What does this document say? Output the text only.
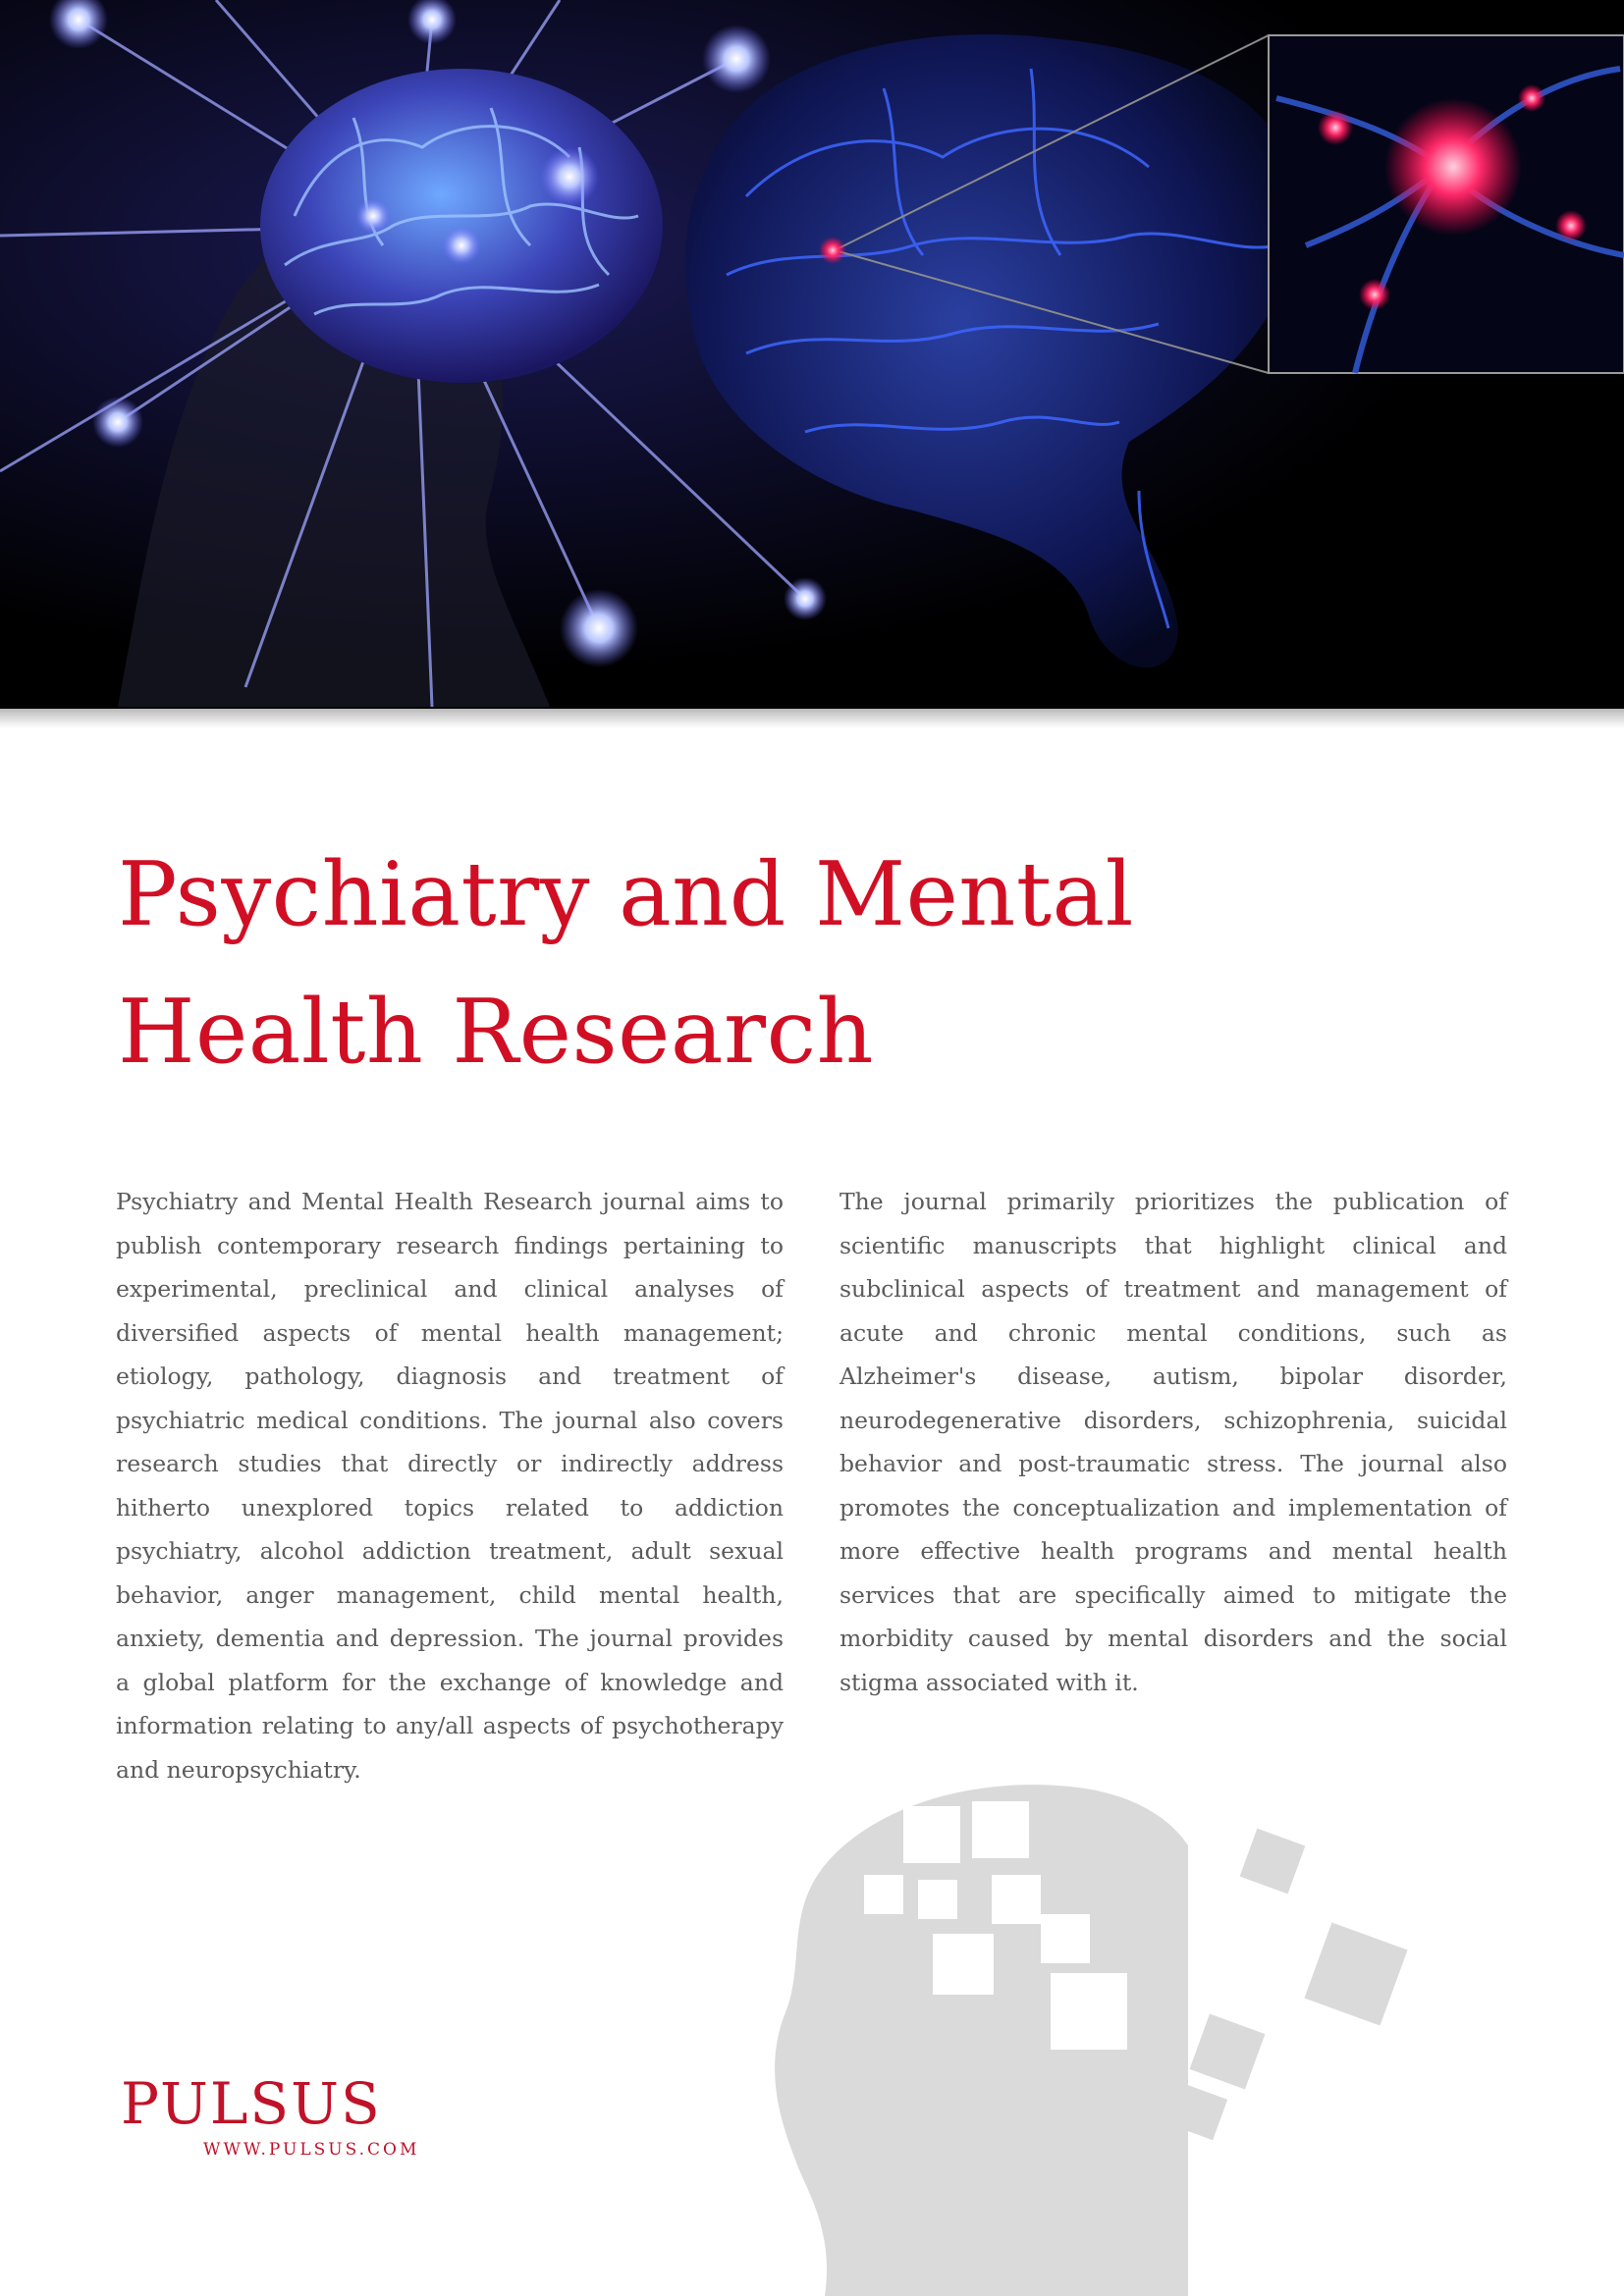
Psychiatry and Mental
Health Research

Psychiatry and Mental Health Research journal aims to publish contemporary research findings pertaining to experimental, preclinical and clinical analyses of diversified aspects of mental health management; etiology, pathology, diagnosis and treatment of psychiatric medical conditions. The journal also covers research studies that directly or indirectly address hitherto unexplored topics related to addiction psychiatry, alcohol addiction treatment, adult sexual behavior, anger management, child mental health, anxiety, dementia and depression. The journal provides a global platform for the exchange of knowledge and information relating to any/all aspects of psychotherapy and neuropsychiatry.

The journal primarily prioritizes the publication of scientific manuscripts that highlight clinical and subclinical aspects of treatment and management of acute and chronic mental conditions, such as Alzheimer's disease, autism, bipolar disorder, neurodegenerative disorders, schizophrenia, suicidal behavior and post-traumatic stress. The journal also promotes the conceptualization and implementation of more effective health programs and mental health services that are specifically aimed to mitigate the morbidity caused by mental disorders and the social stigma associated with it.

PULSUS
WWW.PULSUS.COM
